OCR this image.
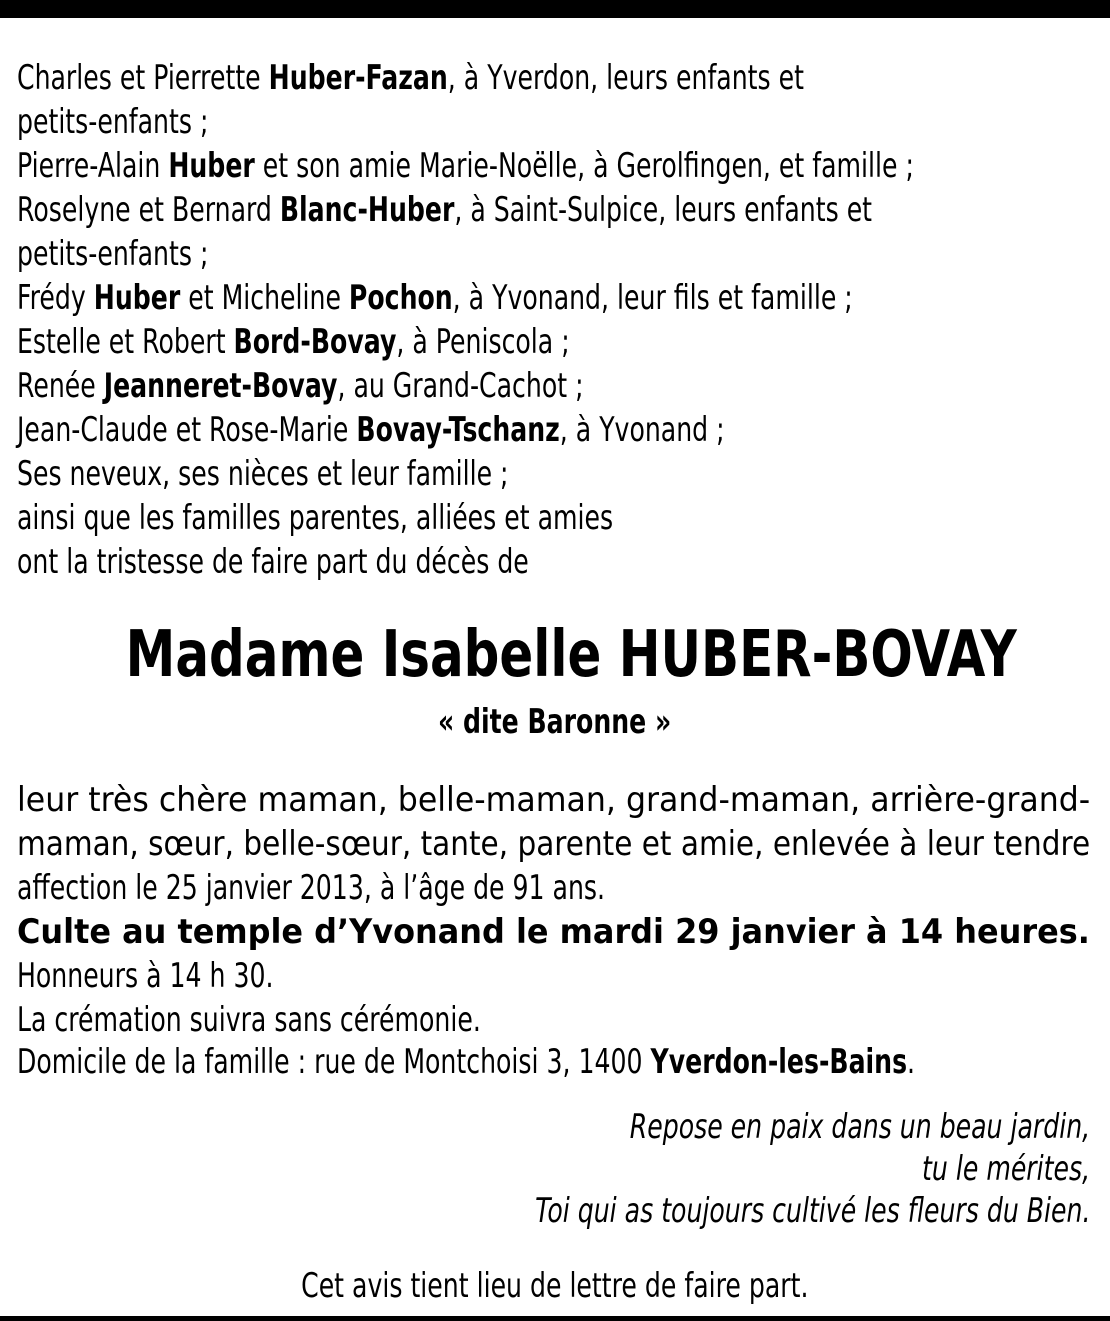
Charles et Pierrette Huber-Fazan, à Yverdon, leurs enfants et
petits-enfants ;
Pierre-Alain Huber et son amie Marie-Noëlle, à Gerolfingen, et famille ;
Roselyne et Bernard Blanc-Huber, à Saint-Sulpice, leurs enfants et
petits-enfants ;
Frédy Huber et Micheline Pochon, à Yvonand, leur fils et famille ;
Estelle et Robert Bord-Bovay, à Peniscola ;
Renée Jeanneret-Bovay, au Grand-Cachot ;
Jean-Claude et Rose-Marie Bovay-Tschanz, à Yvonand ;
Ses neveux, ses nièces et leur famille ;
ainsi que les familles parentes, alliées et amies
ont la tristesse de faire part du décès de
Madame Isabelle HUBER-BOVAY
« dite Baronne »
leur très chère maman, belle-maman, grand-maman, arrière-grand-
maman, sœur, belle-sœur, tante, parente et amie, enlevée à leur tendre
affection le 25 janvier 2013, à l’âge de 91 ans.
Culte au temple d’Yvonand le mardi 29 janvier à 14 heures.
Honneurs à 14 h 30.
La crémation suivra sans cérémonie.
Domicile de la famille : rue de Montchoisi 3, 1400 Yverdon-les-Bains.
Repose en paix dans un beau jardin,
tu le mérites,
Toi qui as toujours cultivé les fleurs du Bien.
Cet avis tient lieu de lettre de faire part.
